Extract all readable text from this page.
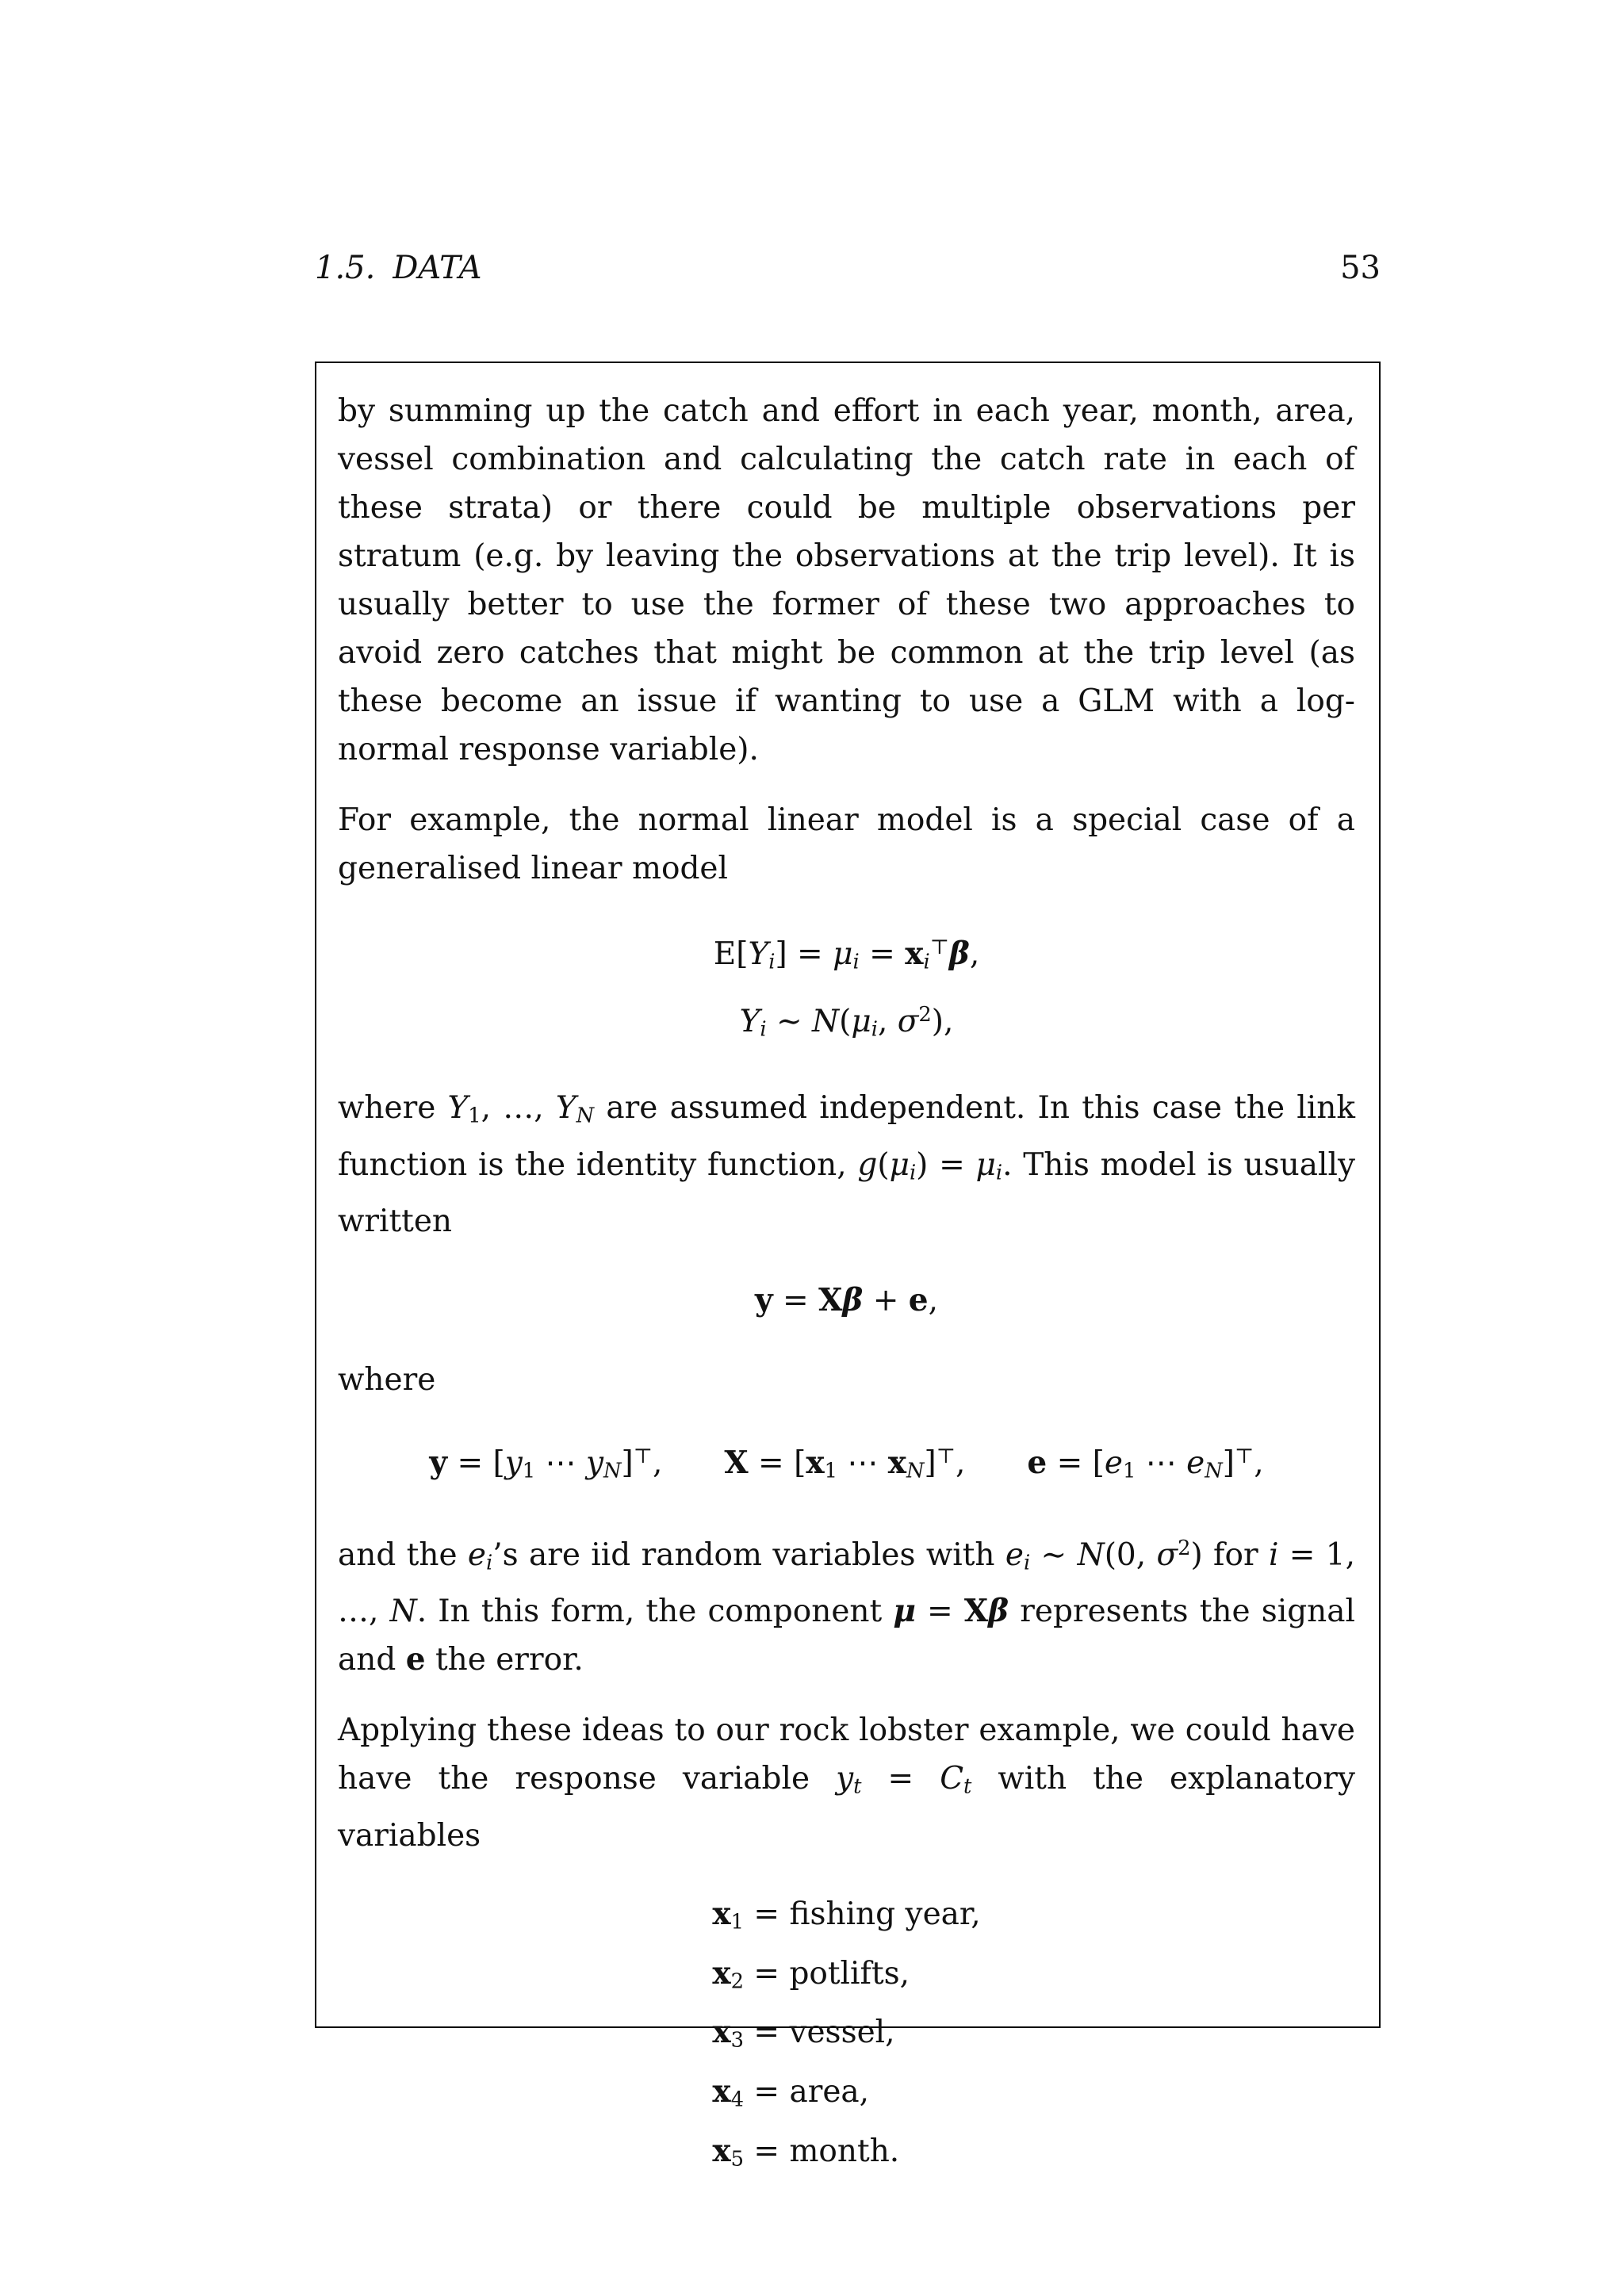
1.5. DATA	53

by summing up the catch and effort in each year, month, area, vessel combination and calculating the catch rate in each of these strata) or there could be multiple observations per stratum (e.g. by leaving the observations at the trip level). It is usually better to use the former of these two approaches to avoid zero catches that might be common at the trip level (as these become an issue if wanting to use a GLM with a log-normal response variable).

For example, the normal linear model is a special case of a generalised linear model

E[Yi] = μi = xi⊤β,
Yi ∼ N(μi, $\sigma^2$),

where Y1, …, YN are assumed independent. In this case the link function is the identity function, g(μi) = μi. This model is usually written

y = Xβ + e,

where

y = [y1 ⋯ yN]⊤, X = [x1 ⋯ xN]⊤, e = [e1 ⋯ eN]⊤,

and the ei’s are iid random variables with ei ∼ N(0, $\sigma^2$) for i = 1, …, N. In this form, the component μ = Xβ represents the signal and e the error.

Applying these ideas to our rock lobster example, we could have have the response variable yt = Ct with the explanatory variables

x1 = fishing year,
x2 = potlifts,
x3 = vessel,
x4 = area,
x5 = month.
